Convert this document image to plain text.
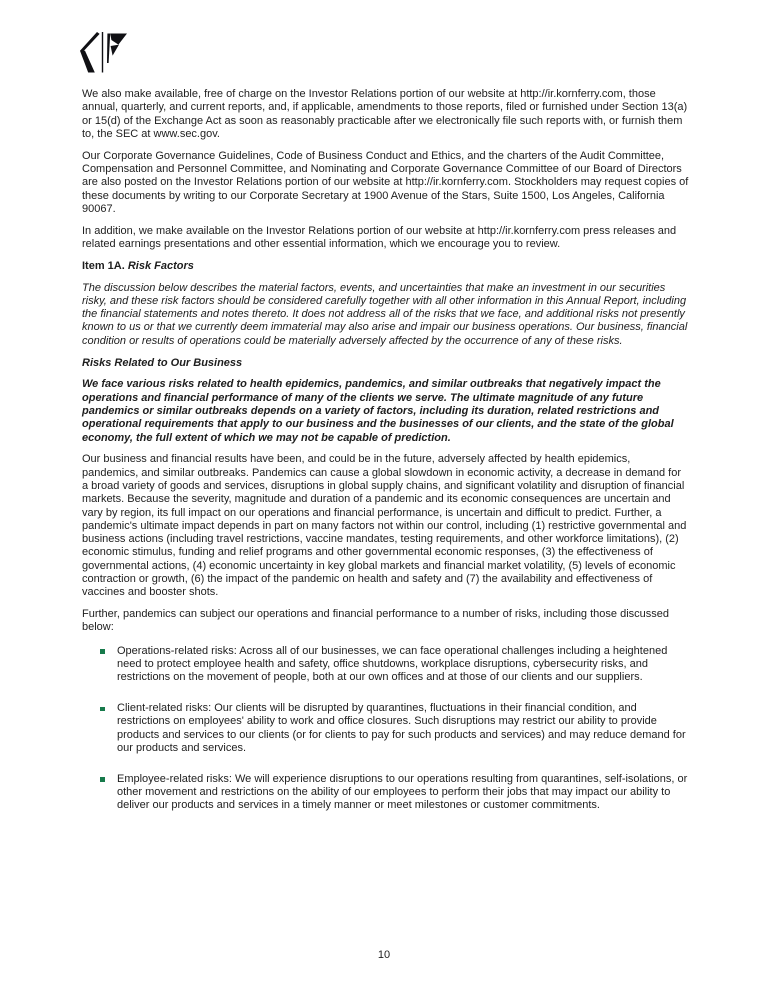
We also make available, free of charge on the Investor Relations portion of our website at http://ir.kornferry.com, those annual, quarterly, and current reports, and, if applicable, amendments to those reports, filed or furnished under Section 13(a) or 15(d) of the Exchange Act as soon as reasonably practicable after we electronically file such reports with, or furnish them to, the SEC at www.sec.gov.

Our Corporate Governance Guidelines, Code of Business Conduct and Ethics, and the charters of the Audit Committee, Compensation and Personnel Committee, and Nominating and Corporate Governance Committee of our Board of Directors are also posted on the Investor Relations portion of our website at http://ir.kornferry.com. Stockholders may request copies of these documents by writing to our Corporate Secretary at 1900 Avenue of the Stars, Suite 1500, Los Angeles, California 90067.

In addition, we make available on the Investor Relations portion of our website at http://ir.kornferry.com press releases and related earnings presentations and other essential information, which we encourage you to review.

Item 1A. Risk Factors

The discussion below describes the material factors, events, and uncertainties that make an investment in our securities risky, and these risk factors should be considered carefully together with all other information in this Annual Report, including the financial statements and notes thereto. It does not address all of the risks that we face, and additional risks not presently known to us or that we currently deem immaterial may also arise and impair our business operations. Our business, financial condition or results of operations could be materially adversely affected by the occurrence of any of these risks.

Risks Related to Our Business

We face various risks related to health epidemics, pandemics, and similar outbreaks that negatively impact the operations and financial performance of many of the clients we serve. The ultimate magnitude of any future pandemics or similar outbreaks depends on a variety of factors, including its duration, related restrictions and operational requirements that apply to our business and the businesses of our clients, and the state of the global economy, the full extent of which we may not be capable of prediction.

Our business and financial results have been, and could be in the future, adversely affected by health epidemics, pandemics, and similar outbreaks. Pandemics can cause a global slowdown in economic activity, a decrease in demand for a broad variety of goods and services, disruptions in global supply chains, and significant volatility and disruption of financial markets. Because the severity, magnitude and duration of a pandemic and its economic consequences are uncertain and vary by region, its full impact on our operations and financial performance, is uncertain and difficult to predict. Further, a pandemic's ultimate impact depends in part on many factors not within our control, including (1) restrictive governmental and business actions (including travel restrictions, vaccine mandates, testing requirements, and other workforce limitations), (2) economic stimulus, funding and relief programs and other governmental economic responses, (3) the effectiveness of governmental actions, (4) economic uncertainty in key global markets and financial market volatility, (5) levels of economic contraction or growth, (6) the impact of the pandemic on health and safety and (7) the availability and effectiveness of vaccines and booster shots.

Further, pandemics can subject our operations and financial performance to a number of risks, including those discussed below:

Operations-related risks: Across all of our businesses, we can face operational challenges including a heightened need to protect employee health and safety, office shutdowns, workplace disruptions, cybersecurity risks, and restrictions on the movement of people, both at our own offices and at those of our clients and our suppliers.
Client-related risks: Our clients will be disrupted by quarantines, fluctuations in their financial condition, and restrictions on employees' ability to work and office closures. Such disruptions may restrict our ability to provide products and services to our clients (or for clients to pay for such products and services) and may reduce demand for our products and services.
Employee-related risks: We will experience disruptions to our operations resulting from quarantines, self-isolations, or other movement and restrictions on the ability of our employees to perform their jobs that may impact our ability to deliver our products and services in a timely manner or meet milestones or customer commitments.
10
